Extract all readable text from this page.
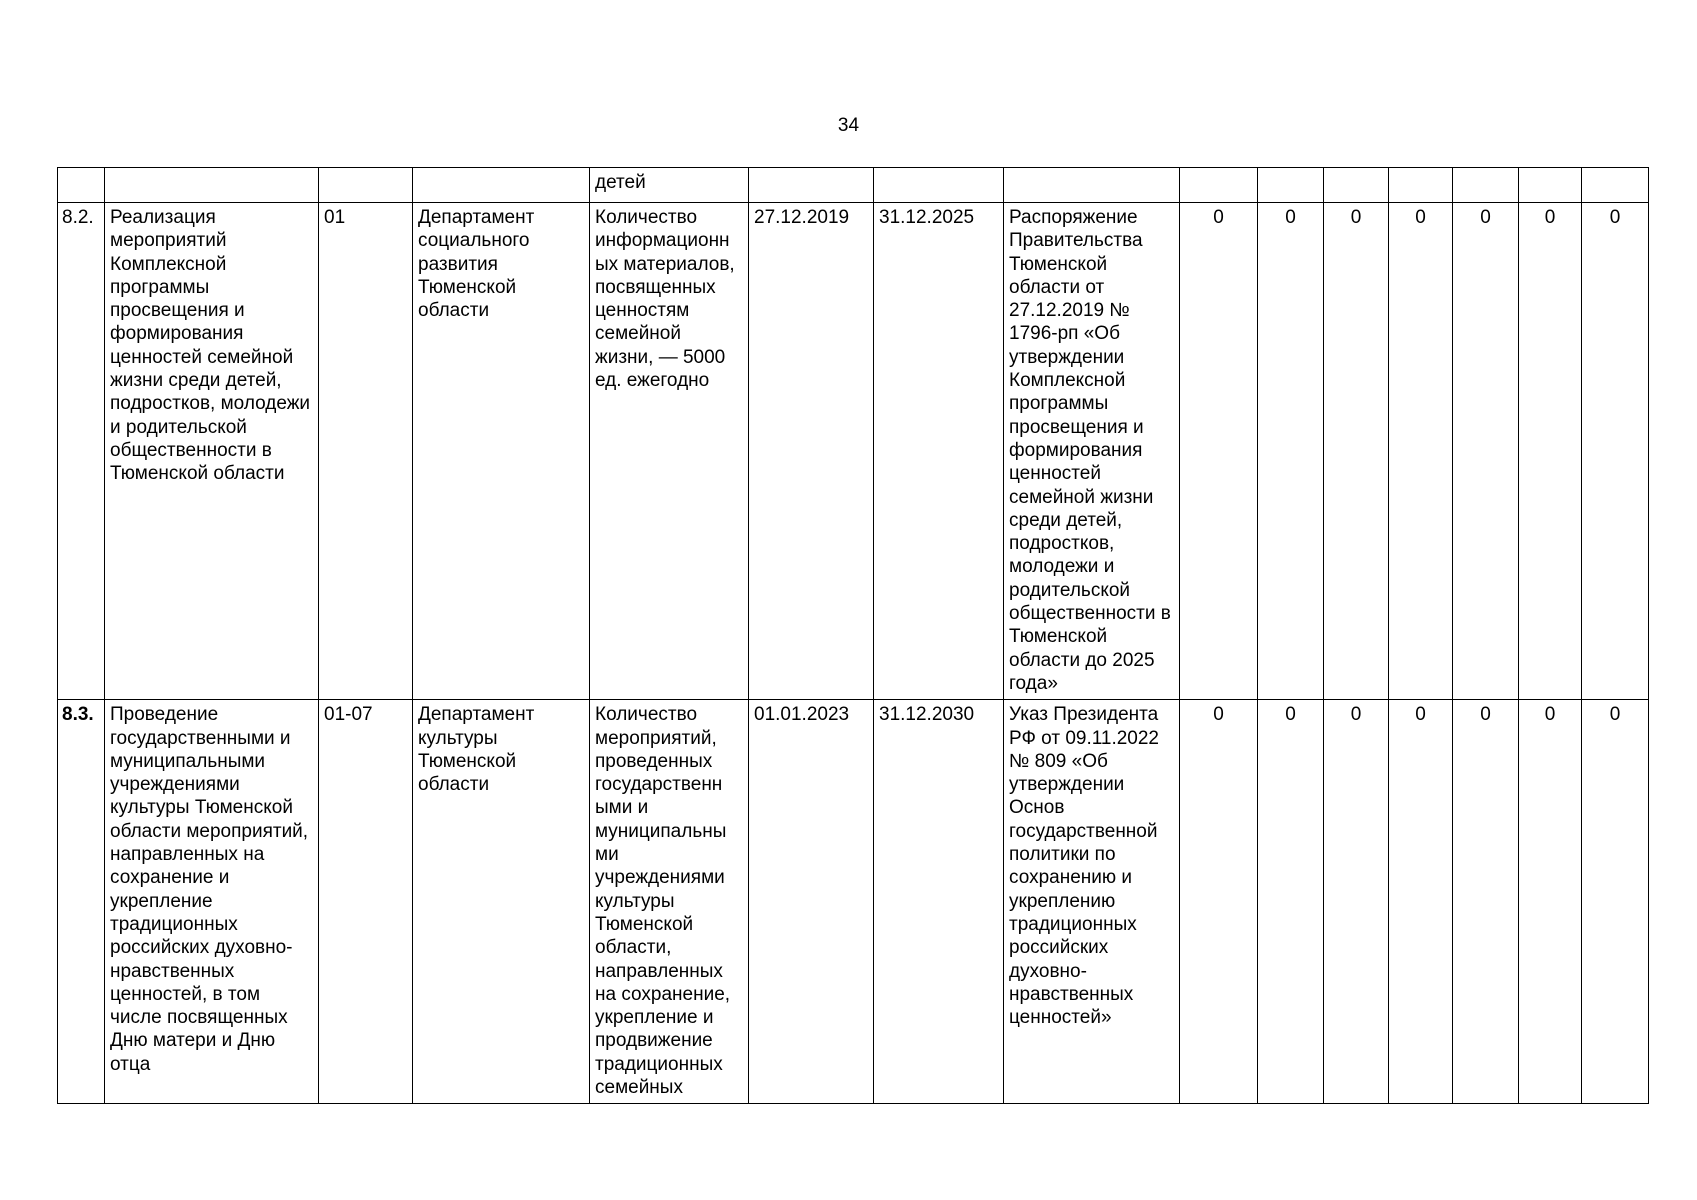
34
				детей										
8.2.	Реализация мероприятий Комплексной программы просвещения и формирования ценностей семейной жизни среди детей, подростков, молодежи и родительской общественности в Тюменской области	01	Департамент социального развития Тюменской области	Количество информационн ых материалов, посвященных ценностям семейной жизни, — 5000 ед. ежегодно	27.12.2019	31.12.2025	Распоряжение Правительства Тюменской области от 27.12.2019 № 1796-рп «Об утверждении Комплексной программы просвещения и формирования ценностей семейной жизни среди детей, подростков, молодежи и родительской общественности в Тюменской области до 2025 года»	0	0	0	0	0	0	0
8.3.	Проведение государственными и муниципальными учреждениями культуры Тюменской области мероприятий, направленных на сохранение и укрепление традиционных российских духовно-нравственных ценностей, в том числе посвященных Дню матери и Дню отца	01-07	Департамент культуры Тюменской области	Количество мероприятий, проведенных государственн ыми и муниципальны ми учреждениями культуры Тюменской области, направленных на сохранение, укрепление и продвижение традиционных семейных	01.01.2023	31.12.2030	Указ Президента РФ от 09.11.2022 № 809 «Об утверждении Основ государственной политики по сохранению и укреплению традиционных российских духовно-нравственных ценностей»	0	0	0	0	0	0	0
